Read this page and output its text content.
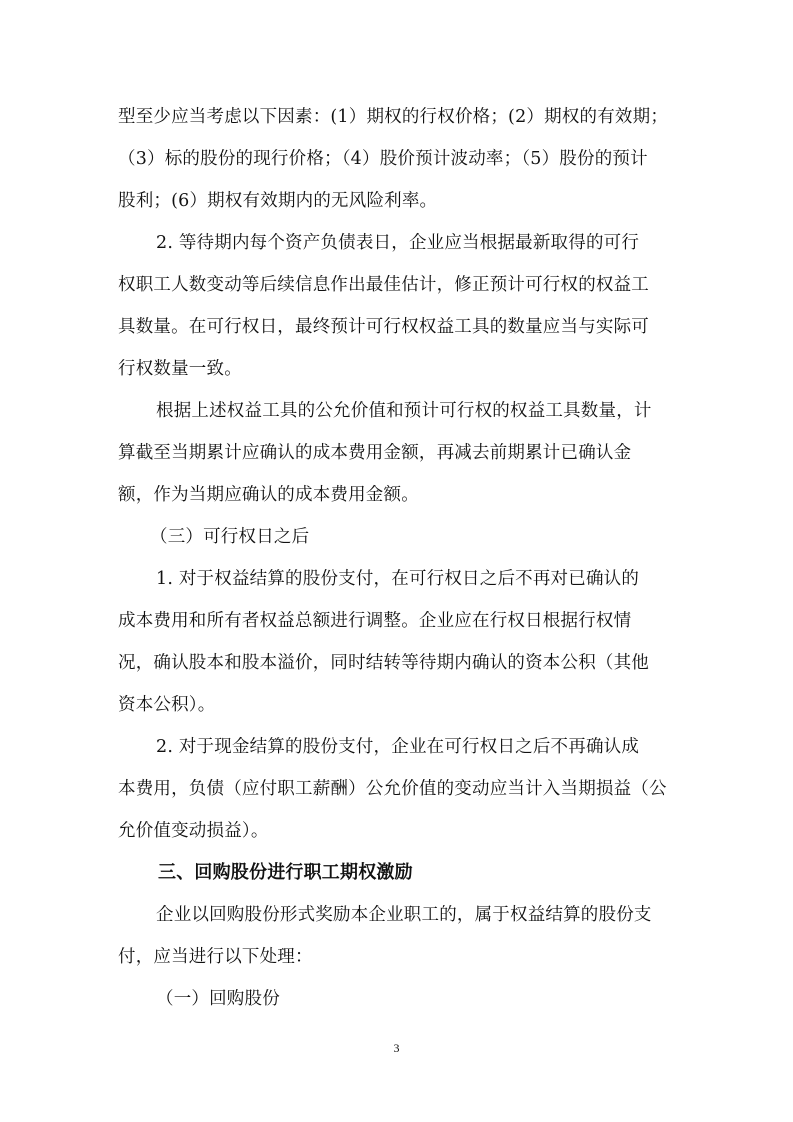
型至少应当考虑以下因素：(1）期权的行权价格；(2）期权的有效期；
（3）标的股份的现行价格；（4）股价预计波动率；（5）股份的预计
股利；(6）期权有效期内的无风险利率。
2. 等待期内每个资产负债表日，企业应当根据最新取得的可行
权职工人数变动等后续信息作出最佳估计，修正预计可行权的权益工
具数量。在可行权日，最终预计可行权权益工具的数量应当与实际可
行权数量一致。
根据上述权益工具的公允价值和预计可行权的权益工具数量，计
算截至当期累计应确认的成本费用金额，再减去前期累计已确认金
额，作为当期应确认的成本费用金额。
（三）可行权日之后
1. 对于权益结算的股份支付，在可行权日之后不再对已确认的
成本费用和所有者权益总额进行调整。企业应在行权日根据行权情
况，确认股本和股本溢价，同时结转等待期内确认的资本公积（其他
资本公积）。
2. 对于现金结算的股份支付，企业在可行权日之后不再确认成
本费用，负债（应付职工薪酬）公允价值的变动应当计入当期损益（公
允价值变动损益）。
三、回购股份进行职工期权激励
企业以回购股份形式奖励本企业职工的，属于权益结算的股份支
付，应当进行以下处理：
（一）回购股份
3
